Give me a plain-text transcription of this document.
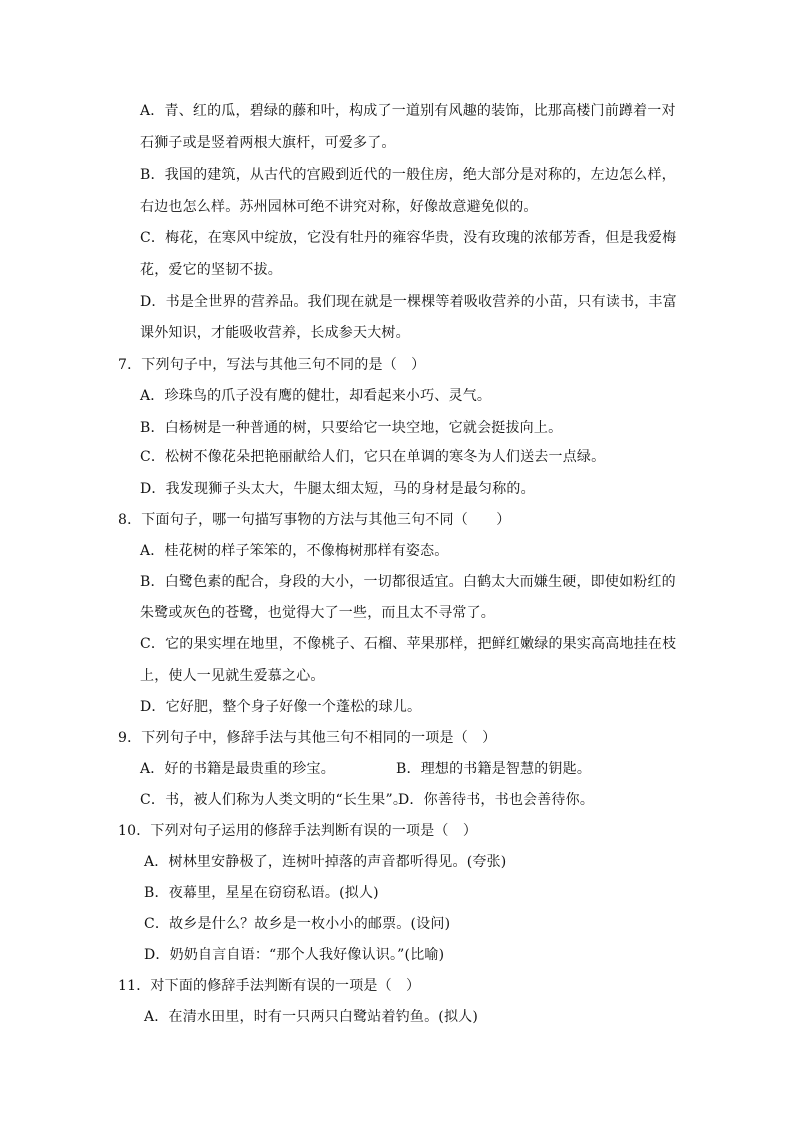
A．青、红的瓜，碧绿的藤和叶，构成了一道别有风趣的装饰，比那高楼门前蹲着一对
石狮子或是竖着两根大旗杆，可爱多了。
B．我国的建筑，从古代的宫殿到近代的一般住房，绝大部分是对称的，左边怎么样，
右边也怎么样。苏州园林可绝不讲究对称，好像故意避免似的。
C．梅花，在寒风中绽放，它没有牡丹的雍容华贵，没有玫瑰的浓郁芳香，但是我爱梅
花，爱它的坚韧不拔。
D．书是全世界的营养品。我们现在就是一棵棵等着吸收营养的小苗，只有读书，丰富
课外知识，才能吸收营养，长成参天大树。
7．下列句子中，写法与其他三句不同的是（　）
A．珍珠鸟的爪子没有鹰的健壮，却看起来小巧、灵气。
B．白杨树是一种普通的树，只要给它一块空地，它就会挺拔向上。
C．松树不像花朵把艳丽献给人们，它只在单调的寒冬为人们送去一点绿。
D．我发现狮子头太大，牛腿太细太短，马的身材是最匀称的。
8．下面句子，哪一句描写事物的方法与其他三句不同（　　）
A．桂花树的样子笨笨的，不像梅树那样有姿态。
B．白鹭色素的配合，身段的大小，一切都很适宜。白鹤太大而嫌生硬，即使如粉红的
朱鹭或灰色的苍鹭，也觉得大了一些，而且太不寻常了。
C．它的果实埋在地里，不像桃子、石榴、苹果那样，把鲜红嫩绿的果实高高地挂在枝
上，使人一见就生爱慕之心。
D．它好肥，整个身子好像一个蓬松的球儿。
9．下列句子中，修辞手法与其他三句不相同的一项是（　）
A．好的书籍是最贵重的珍宝。	B．理想的书籍是智慧的钥匙。
C．书，被人们称为人类文明的“长生果”。
D．你善待书，书也会善待你。
10．下列对句子运用的修辞手法判断有误的一项是（　）
A．树林里安静极了，连树叶掉落的声音都听得见。(夸张)
B．夜幕里，星星在窃窃私语。(拟人)
C．故乡是什么？故乡是一枚小小的邮票。(设问)
D．奶奶自言自语：“那个人我好像认识。”(比喻)
11．对下面的修辞手法判断有误的一项是（　）
A．在清水田里，时有一只两只白鹭站着钓鱼。(拟人)
